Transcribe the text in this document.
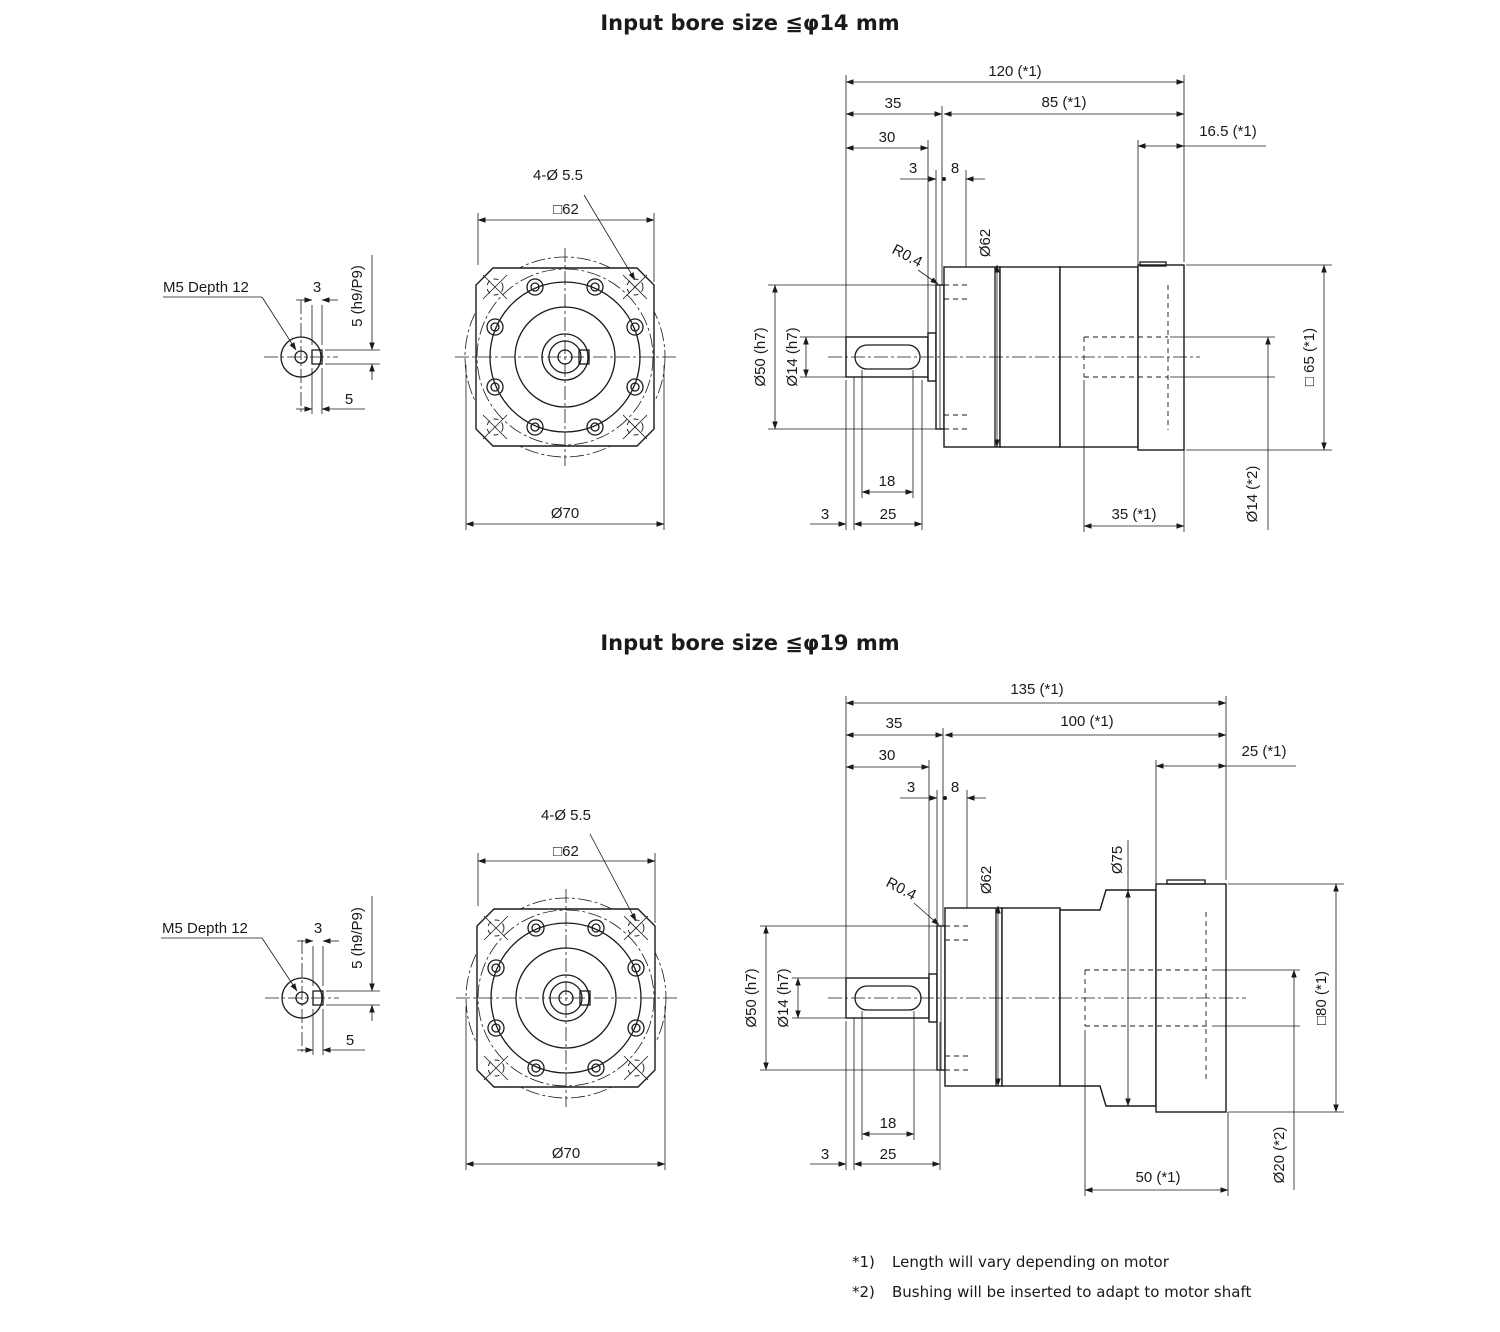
Input bore size ≦φ14 mm
M5 Depth 12	3 5 (h9/P9)
5
4-Ø 5.5
□62
Ø70
120 (*1)
35	85 (*1)
30	16.5 (*1)
3 8
R0.4	Ø62
Ø50 (h7) Ø14 (h7)
18
3	25	35 (*1)
□ 65 (*1)
Ø14 (*2)
Input bore size ≦φ19 mm
M5 Depth 12	3 5 (h9/P9)
5
4-Ø 5.5
□62
Ø70
135 (*1)
35	100 (*1)
30	25 (*1)
3 8
R0.4	Ø62
Ø75
Ø50 (h7) Ø14 (h7)
18
3	25
50 (*1)
□80 (*1)
Ø20 (*2)
*1) Length will vary depending on motor
*2) Bushing will be inserted to adapt to motor shaft
